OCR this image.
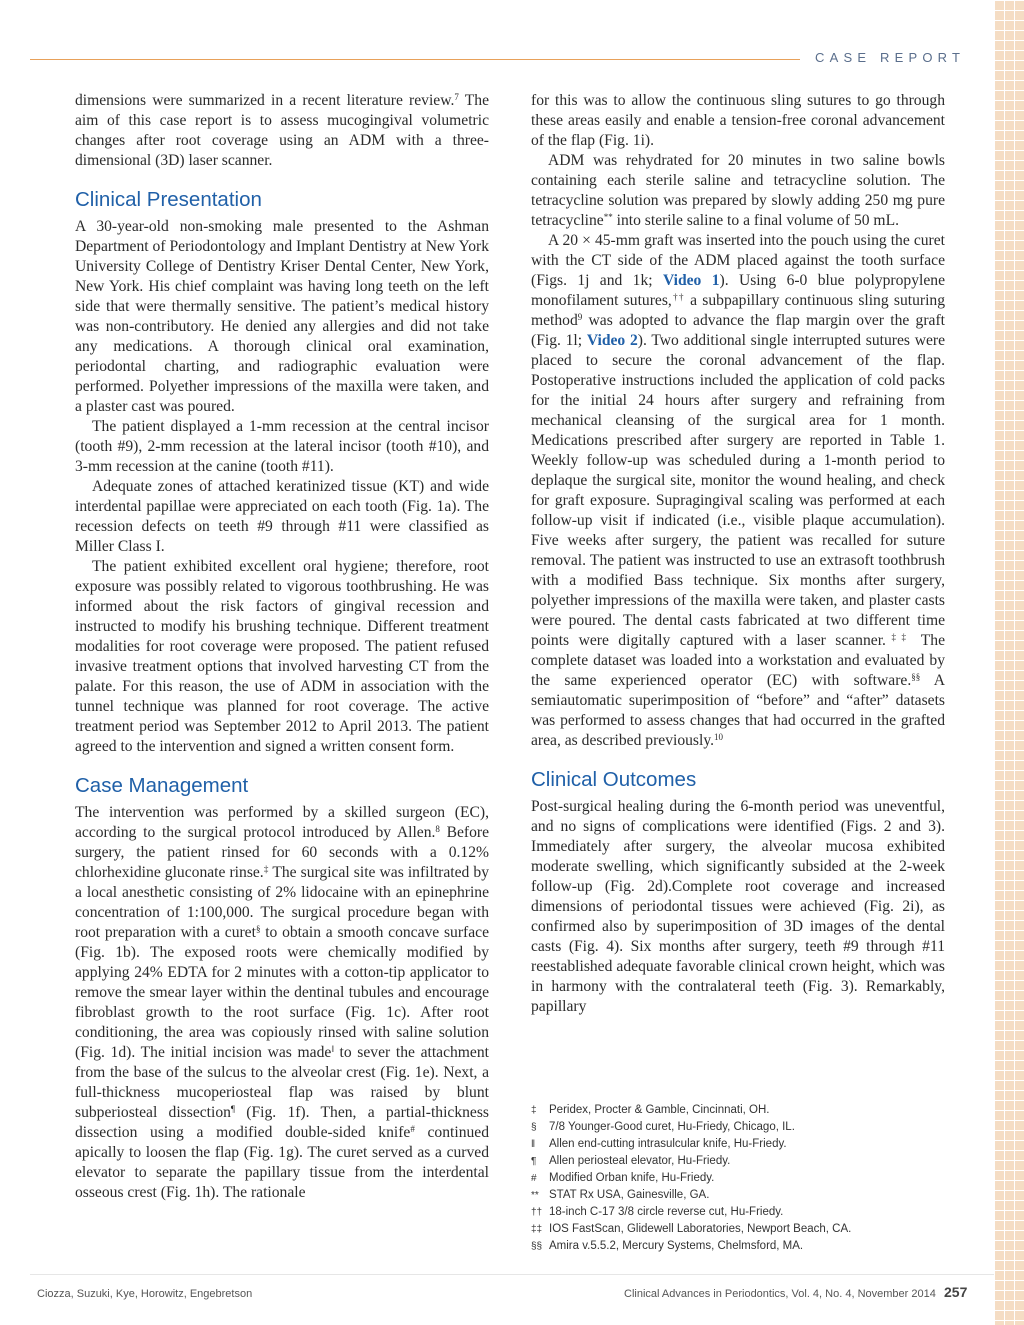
CASE REPORT

dimensions were summarized in a recent literature review.$^7$ The aim of this case report is to assess mucogingival volumetric changes after root coverage using an ADM with a three-dimensional (3D) laser scanner.

Clinical Presentation

A 30-year-old non-smoking male presented to the Ashman Department of Periodontology and Implant Dentistry at New York University College of Dentistry Kriser Dental Center, New York, New York. His chief complaint was having long teeth on the left side that were thermally sensitive. The patient’s medical history was non-contributory. He denied any allergies and did not take any medications. A thorough clinical oral examination, periodontal charting, and radiographic evaluation were performed. Polyether impressions of the maxilla were taken, and a plaster cast was poured.

The patient displayed a 1-mm recession at the central incisor (tooth #9), 2-mm recession at the lateral incisor (tooth #10), and 3-mm recession at the canine (tooth #11).

Adequate zones of attached keratinized tissue (KT) and wide interdental papillae were appreciated on each tooth (Fig. 1a). The recession defects on teeth #9 through #11 were classified as Miller Class I.

The patient exhibited excellent oral hygiene; therefore, root exposure was possibly related to vigorous toothbrushing. He was informed about the risk factors of gingival recession and instructed to modify his brushing technique. Different treatment modalities for root coverage were proposed. The patient refused invasive treatment options that involved harvesting CT from the palate. For this reason, the use of ADM in association with the tunnel technique was planned for root coverage. The active treatment period was September 2012 to April 2013. The patient agreed to the intervention and signed a written consent form.

Case Management

The intervention was performed by a skilled surgeon (EC), according to the surgical protocol introduced by Allen.$^8$ Before surgery, the patient rinsed for 60 seconds with a 0.12% chlorhexidine gluconate rinse.‡ The surgical site was infiltrated by a local anesthetic consisting of 2% lidocaine with an epinephrine concentration of 1:100,000. The surgical procedure began with root preparation with a curet§ to obtain a smooth concave surface (Fig. 1b). The exposed roots were chemically modified by applying 24% EDTA for 2 minutes with a cotton-tip applicator to remove the smear layer within the dentinal tubules and encourage fibroblast growth to the root surface (Fig. 1c). After root conditioning, the area was copiously rinsed with saline solution (Fig. 1d). The initial incision was made‖ to sever the attachment from the base of the sulcus to the alveolar crest (Fig. 1e). Next, a full-thickness mucoperiosteal flap was raised by blunt subperiosteal dissection¶ (Fig. 1f). Then, a partial-thickness dissection using a modified double-sided knife# continued apically to loosen the flap (Fig. 1g). The curet served as a curved elevator to separate the papillary tissue from the interdental osseous crest (Fig. 1h). The rationale

for this was to allow the continuous sling sutures to go through these areas easily and enable a tension-free coronal advancement of the flap (Fig. 1i).

ADM was rehydrated for 20 minutes in two saline bowls containing each sterile saline and tetracycline solution. The tetracycline solution was prepared by slowly adding 250 mg pure tetracycline** into sterile saline to a final volume of 50 mL.

A 20 × 45-mm graft was inserted into the pouch using the curet with the CT side of the ADM placed against the tooth surface (Figs. 1j and 1k; Video 1). Using 6-0 blue polypropylene monofilament sutures,†† a subpapillary continuous sling suturing method$^9$ was adopted to advance the flap margin over the graft (Fig. 1l; Video 2). Two additional single interrupted sutures were placed to secure the coronal advancement of the flap. Postoperative instructions included the application of cold packs for the initial 24 hours after surgery and refraining from mechanical cleansing of the surgical area for 1 month. Medications prescribed after surgery are reported in Table 1. Weekly follow-up was scheduled during a 1-month period to deplaque the surgical site, monitor the wound healing, and check for graft exposure. Supragingival scaling was performed at each follow-up visit if indicated (i.e., visible plaque accumulation). Five weeks after surgery, the patient was recalled for suture removal. The patient was instructed to use an extrasoft toothbrush with a modified Bass technique. Six months after surgery, polyether impressions of the maxilla were taken, and plaster casts were poured. The dental casts fabricated at two different time points were digitally captured with a laser scanner.‡‡ The complete dataset was loaded into a workstation and evaluated by the same experienced operator (EC) with software.§§ A semiautomatic superimposition of “before” and “after” datasets was performed to assess changes that had occurred in the grafted area, as described previously.$^{10}$

Clinical Outcomes

Post-surgical healing during the 6-month period was uneventful, and no signs of complications were identified (Figs. 2 and 3). Immediately after surgery, the alveolar mucosa exhibited moderate swelling, which significantly subsided at the 2-week follow-up (Fig. 2d).Complete root coverage and increased dimensions of periodontal tissues were achieved (Fig. 2i), as confirmed also by superimposition of 3D images of the dental casts (Fig. 4). Six months after surgery, teeth #9 through #11 reestablished adequate favorable clinical crown height, which was in harmony with the contralateral teeth (Fig. 3). Remarkably, papillary

‡ Peridex, Procter & Gamble, Cincinnati, OH.
§ 7/8 Younger-Good curet, Hu-Friedy, Chicago, IL.
‖ Allen end-cutting intrasulcular knife, Hu-Friedy.
¶ Allen periosteal elevator, Hu-Friedy.
# Modified Orban knife, Hu-Friedy.
** STAT Rx USA, Gainesville, GA.
†† 18-inch C-17 3/8 circle reverse cut, Hu-Friedy.
‡‡ IOS FastScan, Glidewell Laboratories, Newport Beach, CA.
§§ Amira v.5.5.2, Mercury Systems, Chelmsford, MA.
Ciozza, Suzuki, Kye, Horowitz, Engebretson	Clinical Advances in Periodontics, Vol. 4, No. 4, November 2014 257
